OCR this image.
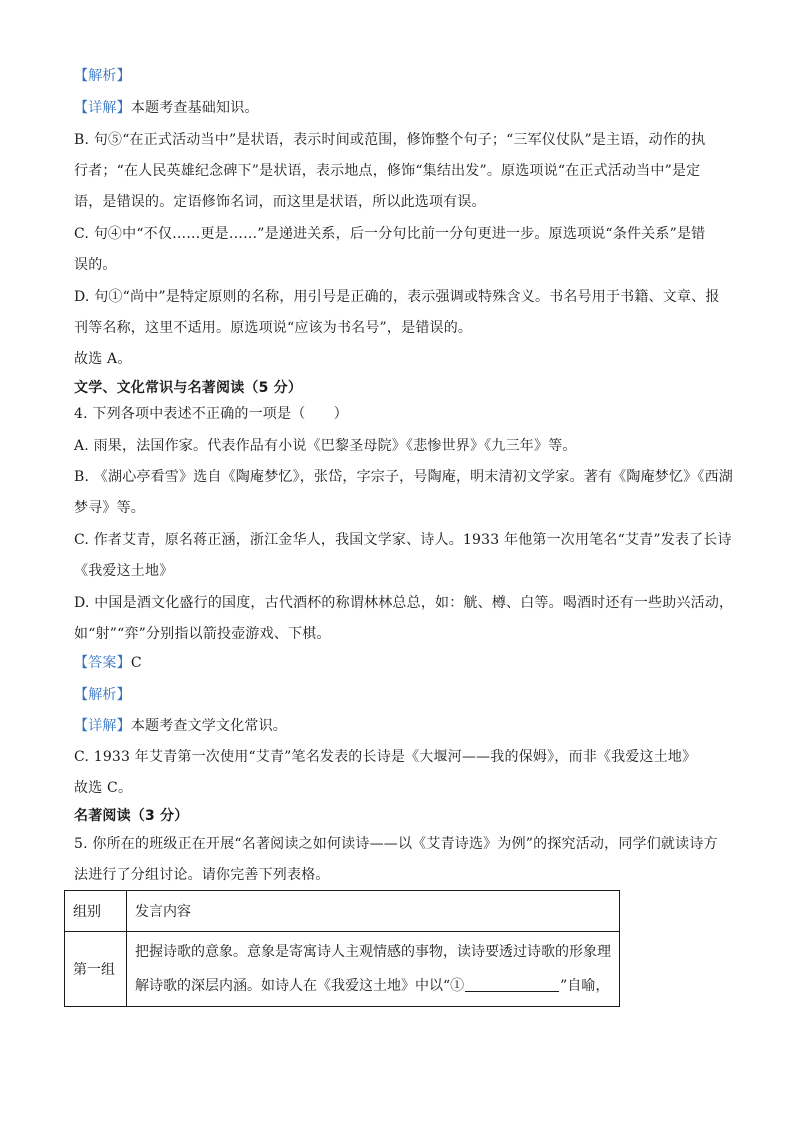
【解析】
【详解】本题考查基础知识。
B. 句⑤“在正式活动当中”是状语，表示时间或范围，修饰整个句子；“三军仪仗队”是主语，动作的执
行者；“在人民英雄纪念碑下”是状语，表示地点，修饰“集结出发”。原选项说“在正式活动当中”是定
语，是错误的。定语修饰名词，而这里是状语，所以此选项有误。
C. 句④中“不仅……更是……”是递进关系，后一分句比前一分句更进一步。原选项说“条件关系”是错
误的。
D. 句①“尚中”是特定原则的名称，用引号是正确的，表示强调或特殊含义。书名号用于书籍、文章、报
刊等名称，这里不适用。原选项说“应该为书名号”，是错误的。
故选 A。
文学、文化常识与名著阅读（5 分）
4. 下列各项中表述不正确的一项是（　　）
A. 雨果，法国作家。代表作品有小说《巴黎圣母院》《悲惨世界》《九三年》等。
B. 《湖心亭看雪》选自《陶庵梦忆》，张岱，字宗子，号陶庵，明末清初文学家。著有《陶庵梦忆》《西湖
梦寻》等。
C. 作者艾青，原名蒋正涵，浙江金华人，我国文学家、诗人。1933 年他第一次用笔名“艾青”发表了长诗
《我爱这土地》
D. 中国是酒文化盛行的国度，古代酒杯的称谓林林总总，如：觥、樽、白等。喝酒时还有一些助兴活动，
如“射”“弈”分别指以箭投壶游戏、下棋。
【答案】C
【解析】
【详解】本题考查文学文化常识。
C. 1933 年艾青第一次使用“艾青”笔名发表的长诗是《大堰河——我的保姆》，而非《我爱这土地》
故选 C。
名著阅读（3 分）
5. 你所在的班级正在开展“名著阅读之如何读诗——以《艾青诗选》为例”的探究活动，同学们就读诗方
法进行了分组讨论。请你完善下列表格。
组别	发言内容
第一组	把握诗歌的意象。意象是寄寓诗人主观情感的事物，读诗要透过诗歌的形象理
解诗歌的深层内涵。如诗人在《我爱这土地》中以“① ”自喻，
